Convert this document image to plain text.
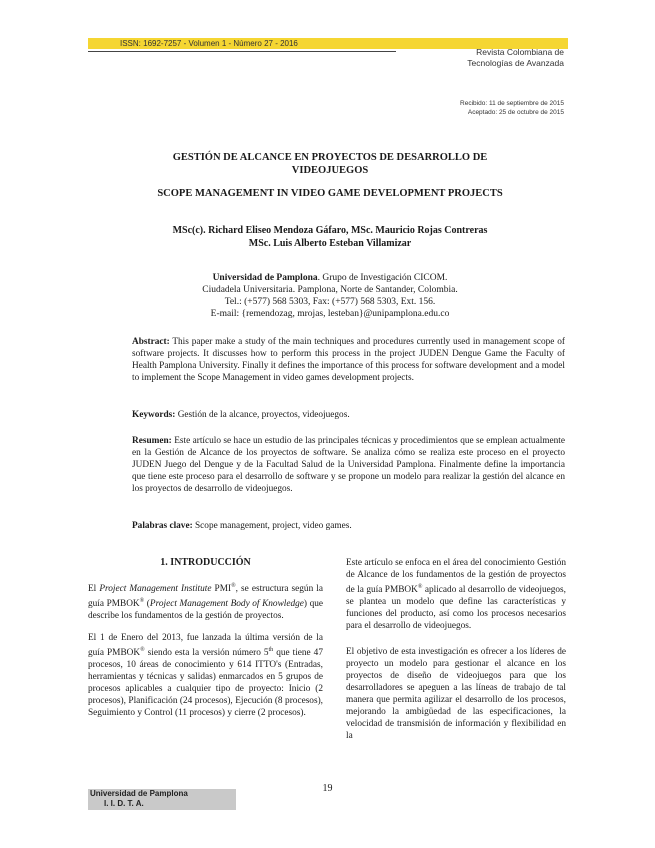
ISSN: 1692-7257 - Volumen 1 - Número 27 - 2016
Revista Colombiana de
Tecnologías de Avanzada
Recibido: 11 de septiembre de 2015
Aceptado: 25 de octubre de 2015
GESTIÓN DE ALCANCE EN PROYECTOS DE DESARROLLO DE
VIDEOJUEGOS
SCOPE MANAGEMENT IN VIDEO GAME DEVELOPMENT PROJECTS
MSc(c). Richard Eliseo Mendoza Gáfaro, MSc. Mauricio Rojas Contreras
MSc. Luis Alberto Esteban Villamizar
Universidad de Pamplona. Grupo de Investigación CICOM.
Ciudadela Universitaria. Pamplona, Norte de Santander, Colombia.
Tel.: (+577) 568 5303, Fax: (+577) 568 5303, Ext. 156.
E-mail: {remendozag, mrojas, lesteban}@unipamplona.edu.co
Abstract: This paper make a study of the main techniques and procedures currently used in management scope of software projects. It discusses how to perform this process in the project JUDEN Dengue Game the Faculty of Health Pamplona University. Finally it defines the importance of this process for software development and a model to implement the Scope Management in video games development projects.
Keywords: Gestión de la alcance, proyectos, videojuegos.
Resumen: Este artículo se hace un estudio de las principales técnicas y procedimientos que se emplean actualmente en la Gestión de Alcance de los proyectos de software. Se analiza cómo se realiza este proceso en el proyecto JUDEN Juego del Dengue y de la Facultad Salud de la Universidad Pamplona. Finalmente define la importancia que tiene este proceso para el desarrollo de software y se propone un modelo para realizar la gestión del alcance en los proyectos de desarrollo de videojuegos.
Palabras clave: Scope management, project, video games.
1. INTRODUCCIÓN

El Project Management Institute PMI®, se estructura según la guía PMBOK® (Project Management Body of Knowledge) que describe los fundamentos de la gestión de proyectos.

El 1 de Enero del 2013, fue lanzada la última versión de la guía PMBOK® siendo esta la versión número 5th que tiene 47 procesos, 10 áreas de conocimiento y 614 ITTO's (Entradas, herramientas y técnicas y salidas) enmarcados en 5 grupos de procesos aplicables a cualquier tipo de proyecto: Inicio (2 procesos), Planificación (24 procesos), Ejecución (8 procesos), Seguimiento y Control (11 procesos) y cierre (2 procesos).

Este artículo se enfoca en el área del conocimiento Gestión de Alcance de los fundamentos de la gestión de proyectos de la guía PMBOK® aplicado al desarrollo de videojuegos, se plantea un modelo que define las características y funciones del producto, así como los procesos necesarios para el desarrollo de videojuegos.

El objetivo de esta investigación es ofrecer a los líderes de proyecto un modelo para gestionar el alcance en los proyectos de diseño de videojuegos para que los desarrolladores se apeguen a las líneas de trabajo de tal manera que permita agilizar el desarrollo de los procesos, mejorando la ambigüedad de las especificaciones, la velocidad de transmisión de información y flexibilidad en la

19
Universidad de Pamplona
I. I. D. T. A.
